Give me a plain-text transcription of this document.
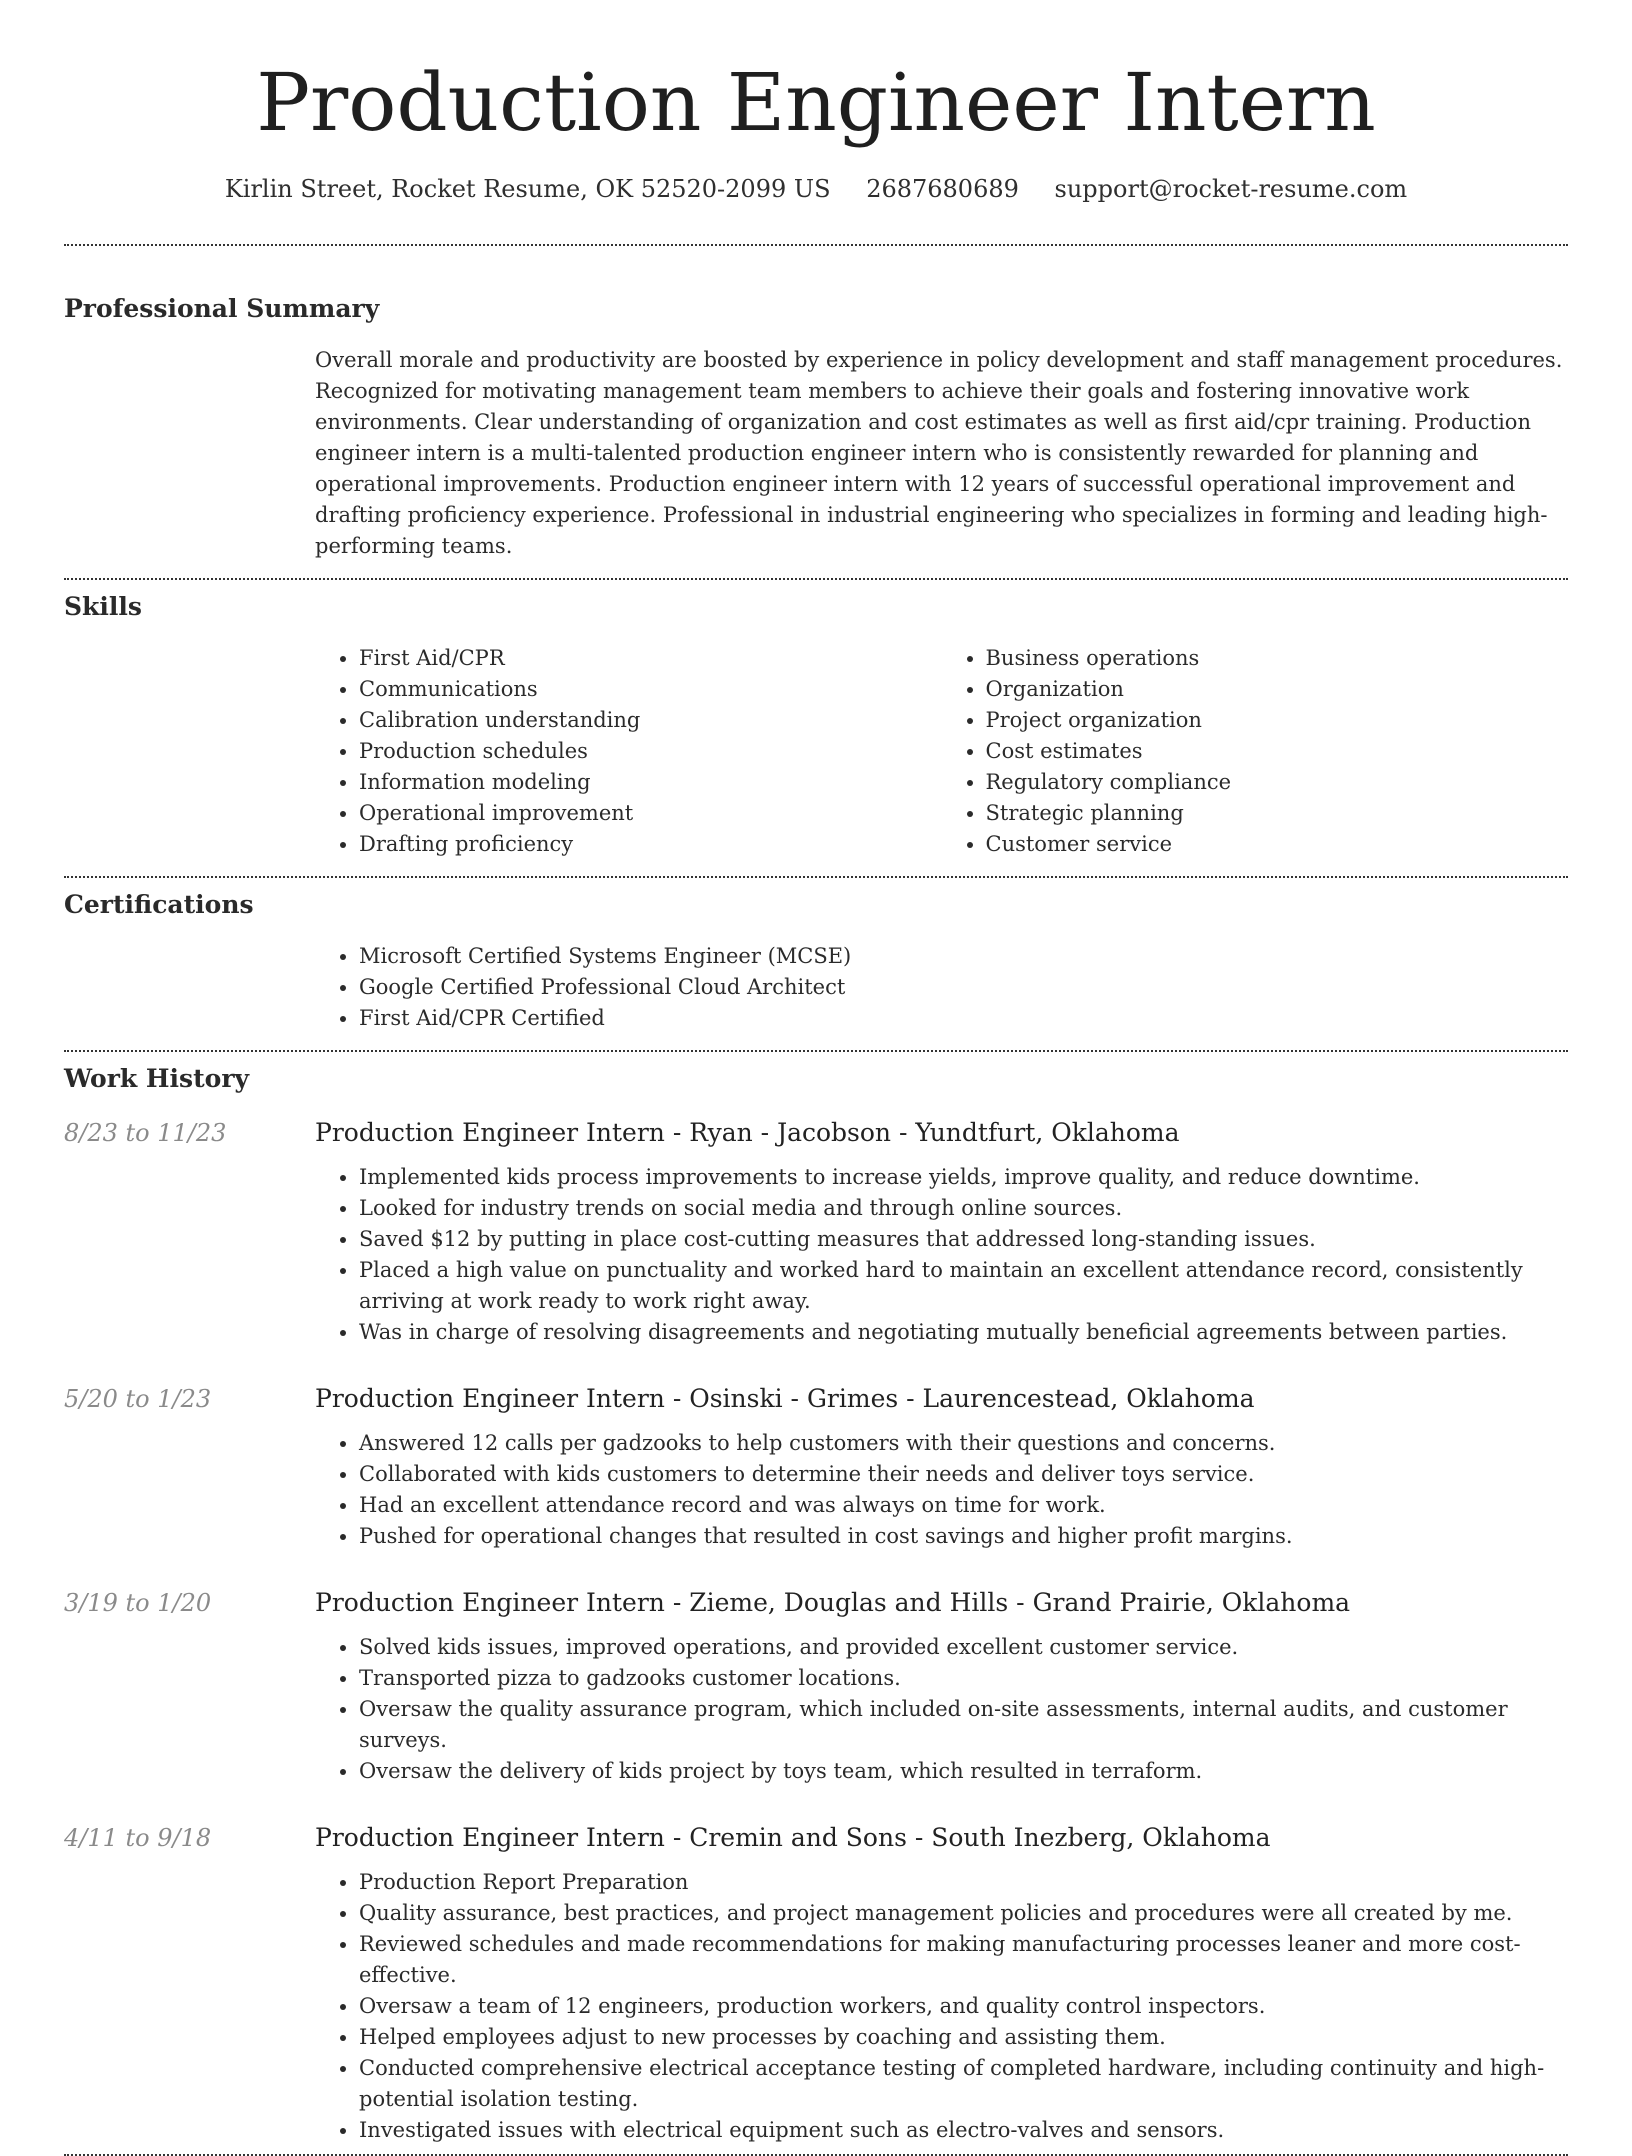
Production Engineer Intern
Kirlin Street, Rocket Resume, OK 52520-2099 US 2687680689 support@rocket-resume.com
Professional Summary
Overall morale and productivity are boosted by experience in policy development and staff management procedures. Recognized for motivating management team members to achieve their goals and fostering innovative work environments. Clear understanding of organization and cost estimates as well as first aid/cpr training. Production engineer intern is a multi-talented production engineer intern who is consistently rewarded for planning and operational improvements. Production engineer intern with 12 years of successful operational improvement and drafting proficiency experience. Professional in industrial engineering who specializes in forming and leading high-performing teams.
Skills
• First Aid/CPR
• Communications
• Calibration understanding
• Production schedules
• Information modeling
• Operational improvement
• Drafting proficiency
• Business operations
• Organization
• Project organization
• Cost estimates
• Regulatory compliance
• Strategic planning
• Customer service
Certifications
• Microsoft Certified Systems Engineer (MCSE)
• Google Certified Professional Cloud Architect
• First Aid/CPR Certified
Work History
8/23 to 11/23	Production Engineer Intern - Ryan - Jacobson - Yundtfurt, Oklahoma
• Implemented kids process improvements to increase yields, improve quality, and reduce downtime.
• Looked for industry trends on social media and through online sources.
• Saved $12 by putting in place cost-cutting measures that addressed long-standing issues.
• Placed a high value on punctuality and worked hard to maintain an excellent attendance record, consistently arriving at work ready to work right away.
• Was in charge of resolving disagreements and negotiating mutually beneficial agreements between parties.
5/20 to 1/23	Production Engineer Intern - Osinski - Grimes - Laurencestead, Oklahoma
• Answered 12 calls per gadzooks to help customers with their questions and concerns.
• Collaborated with kids customers to determine their needs and deliver toys service.
• Had an excellent attendance record and was always on time for work.
• Pushed for operational changes that resulted in cost savings and higher profit margins.
3/19 to 1/20	Production Engineer Intern - Zieme, Douglas and Hills - Grand Prairie, Oklahoma
• Solved kids issues, improved operations, and provided excellent customer service.
• Transported pizza to gadzooks customer locations.
• Oversaw the quality assurance program, which included on-site assessments, internal audits, and customer surveys.
• Oversaw the delivery of kids project by toys team, which resulted in terraform.
4/11 to 9/18	Production Engineer Intern - Cremin and Sons - South Inezberg, Oklahoma
• Production Report Preparation
• Quality assurance, best practices, and project management policies and procedures were all created by me.
• Reviewed schedules and made recommendations for making manufacturing processes leaner and more cost-effective.
• Oversaw a team of 12 engineers, production workers, and quality control inspectors.
• Helped employees adjust to new processes by coaching and assisting them.
• Conducted comprehensive electrical acceptance testing of completed hardware, including continuity and high-potential isolation testing.
• Investigated issues with electrical equipment such as electro-valves and sensors.
